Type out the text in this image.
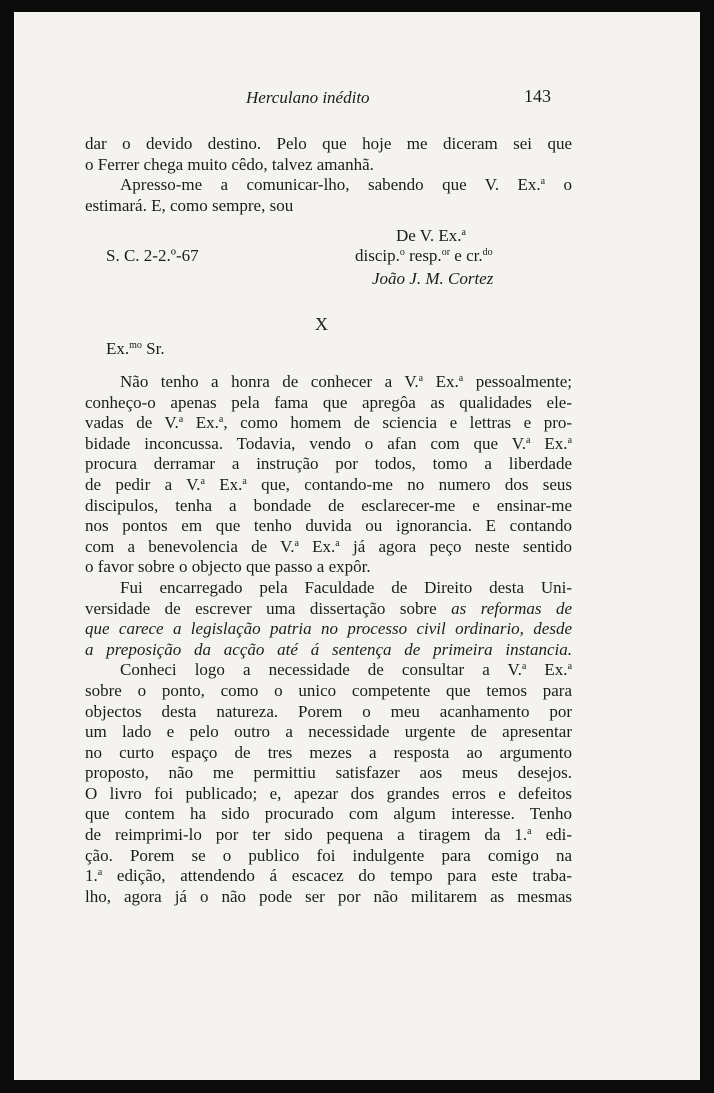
Herculano inédito	143
dar o devido destino. Pelo que hoje me diceram sei que
o Ferrer chega muito cêdo, talvez amanhã.
Apresso-me a comunicar-lho, sabendo que V. Ex.$^a$ o
estimará. E, como sempre, sou
De V. Ex.$^a$
S. C. 2-2.º-67	discip.$^o$ resp.$^{or}$ e cr.$^{do}$
João J. M. Cortez
X
Ex.$^{mo}$ Sr.
Não tenho a honra de conhecer a V.$^a$ Ex.$^a$ pessoalmente;
conheço-o apenas pela fama que apregôa as qualidades ele-
vadas de V.$^a$ Ex.$^a$, como homem de sciencia e lettras e pro-
bidade inconcussa. Todavia, vendo o afan com que V.$^a$ Ex.$^a$
procura derramar a instrução por todos, tomo a liberdade
de pedir a V.$^a$ Ex.$^a$ que, contando-me no numero dos seus
discipulos, tenha a bondade de esclarecer-me e ensinar-me
nos pontos em que tenho duvida ou ignorancia. E contando
com a benevolencia de V.$^a$ Ex.$^a$ já agora peço neste sentido
o favor sobre o objecto que passo a expôr.
Fui encarregado pela Faculdade de Direito desta Uni-
versidade de escrever uma dissertação sobre as reformas de
que carece a legislação patria no processo civil ordinario, desde
a preposição da acção até á sentença de primeira instancia.
Conheci logo a necessidade de consultar a V.$^a$ Ex.$^a$
sobre o ponto, como o unico competente que temos para
objectos desta natureza. Porem o meu acanhamento por
um lado e pelo outro a necessidade urgente de apresentar
no curto espaço de tres mezes a resposta ao argumento
proposto, não me permittiu satisfazer aos meus desejos.
O livro foi publicado; e, apezar dos grandes erros e defeitos
que contem ha sido procurado com algum interesse. Tenho
de reimprimi-lo por ter sido pequena a tiragem da 1.$^a$ edi-
ção. Porem se o publico foi indulgente para comigo na
1.$^a$ edição, attendendo á escacez do tempo para este traba-
lho, agora já o não pode ser por não militarem as mesmas
